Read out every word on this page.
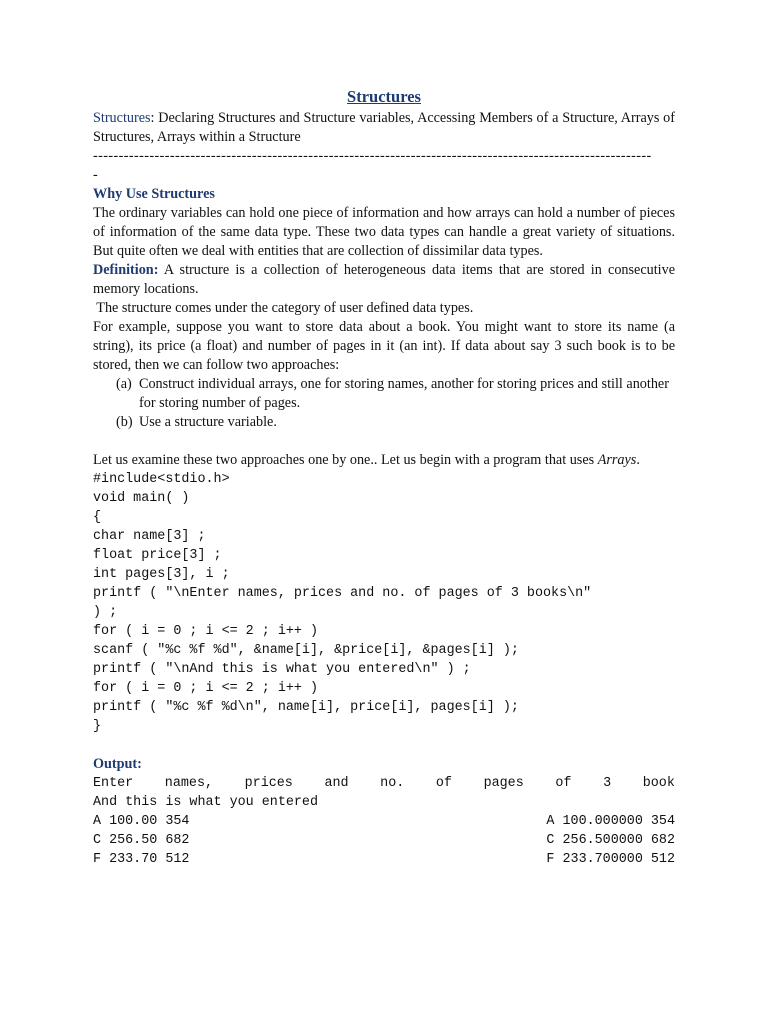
Structures
Structures: Declaring Structures and Structure variables, Accessing Members of a Structure, Arrays of Structures, Arrays within a Structure
-------------------------------------------------------------------------------------------------------------
-
Why Use Structures
The ordinary variables can hold one piece of information and how arrays can hold a number of pieces of information of the same data type. These two data types can handle a great variety of situations. But quite often we deal with entities that are collection of dissimilar data types.
Definition: A structure is a collection of heterogeneous data items that are stored in consecutive memory locations.
The structure comes under the category of user defined data types.
For example, suppose you want to store data about a book. You might want to store its name (a string), its price (a float) and number of pages in it (an int). If data about say 3 such book is to be stored, then we can follow two approaches:
(a) Construct individual arrays, one for storing names, another for storing prices and still another for storing number of pages.
(b) Use a structure variable.
Let us examine these two approaches one by one.. Let us begin with a program that uses Arrays.
#include<stdio.h>
void main( )
{
char name[3] ;
float price[3] ;
int pages[3], i ;
printf ( "\nEnter names, prices and no. of pages of 3 books\n"
) ;
for ( i = 0 ; i <= 2 ; i++ )
scanf ( "%c %f %d", &name[i], &price[i], &pages[i] );
printf ( "\nAnd this is what you entered\n" ) ;
for ( i = 0 ; i <= 2 ; i++ )
printf ( "%c %f %d\n", name[i], price[i], pages[i] );
}
Output:
Enter names, prices and no. of pages of 3 book
And this is what you entered
A 100.00 354	A 100.000000 354
C 256.50 682	C 256.500000 682
F 233.70 512	F 233.700000 512
